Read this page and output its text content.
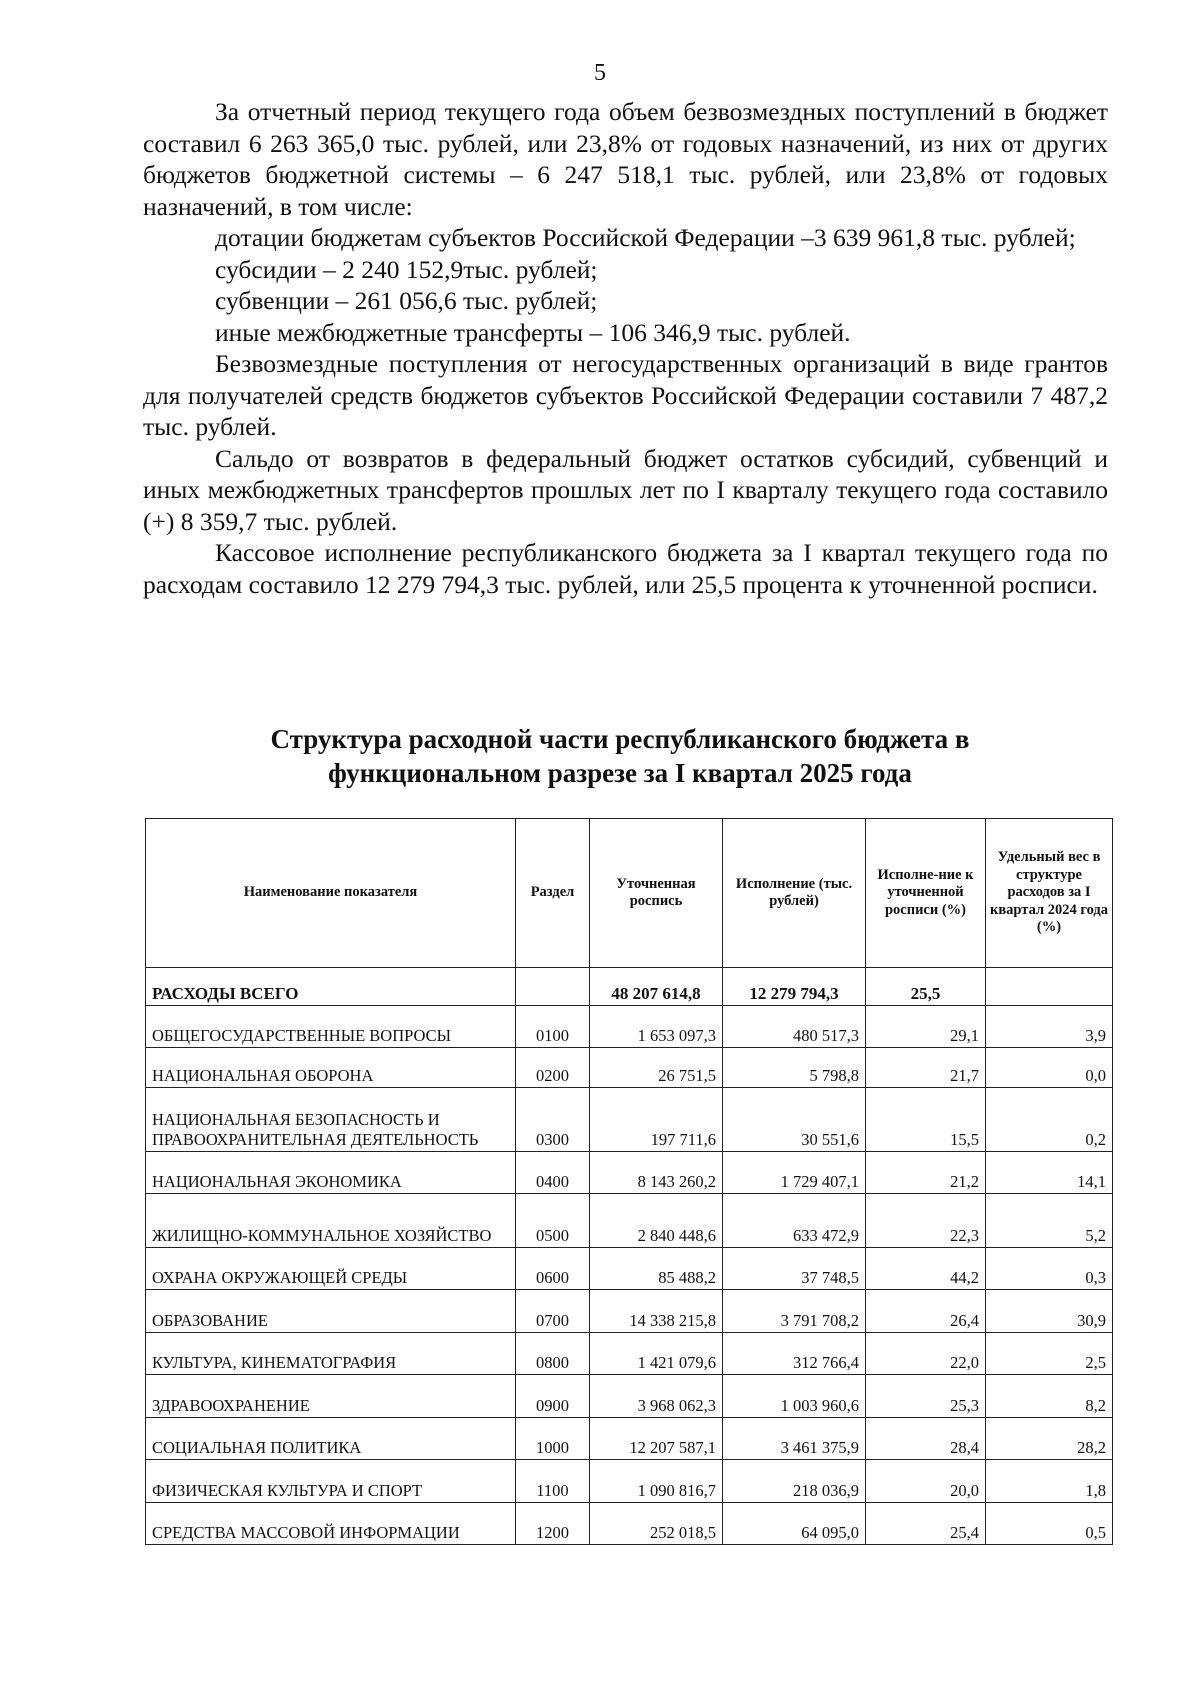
5

За отчетный период текущего года объем безвозмездных поступлений в бюджет составил 6 263 365,0 тыс. рублей, или 23,8% от годовых назначений, из них от других бюджетов бюджетной системы – 6 247 518,1 тыс. рублей, или 23,8% от годовых назначений, в том числе:

дотации бюджетам субъектов Российской Федерации –3 639 961,8 тыс. рублей;

субсидии – 2 240 152,9тыс. рублей;

субвенции – 261 056,6 тыс. рублей;

иные межбюджетные трансферты – 106 346,9 тыс. рублей.

Безвозмездные поступления от негосударственных организаций в виде грантов для получателей средств бюджетов субъектов Российской Федерации составили 7 487,2 тыс. рублей.

Сальдо от возвратов в федеральный бюджет остатков субсидий, субвенций и иных межбюджетных трансфертов прошлых лет по I кварталу текущего года составило (+) 8 359,7 тыс. рублей.

Кассовое исполнение республиканского бюджета за I квартал текущего года по расходам составило 12 279 794,3 тыс. рублей, или 25,5 процента к уточненной росписи.

Структура расходной части республиканского бюджета в
функциональном разрезе за I квартал 2025 года
Наименование показателя	Раздел	Уточненная роспись	Исполнение (тыс. рублей)	Исполне-ние к уточненной росписи (%)	Удельный вес в структуре расходов за I квартал 2024 года (%)
РАСХОДЫ ВСЕГО		48 207 614,8	12 279 794,3	25,5	
ОБЩЕГОСУДАРСТВЕННЫЕ ВОПРОСЫ	0100	1 653 097,3	480 517,3	29,1	3,9
НАЦИОНАЛЬНАЯ ОБОРОНА	0200	26 751,5	5 798,8	21,7	0,0
НАЦИОНАЛЬНАЯ БЕЗОПАСНОСТЬ И ПРАВООХРАНИТЕЛЬНАЯ ДЕЯТЕЛЬНОСТЬ	0300	197 711,6	30 551,6	15,5	0,2
НАЦИОНАЛЬНАЯ ЭКОНОМИКА	0400	8 143 260,2	1 729 407,1	21,2	14,1
ЖИЛИЩНО-КОММУНАЛЬНОЕ ХОЗЯЙСТВО	0500	2 840 448,6	633 472,9	22,3	5,2
ОХРАНА ОКРУЖАЮЩЕЙ СРЕДЫ	0600	85 488,2	37 748,5	44,2	0,3
ОБРАЗОВАНИЕ	0700	14 338 215,8	3 791 708,2	26,4	30,9
КУЛЬТУРА, КИНЕМАТОГРАФИЯ	0800	1 421 079,6	312 766,4	22,0	2,5
ЗДРАВООХРАНЕНИЕ	0900	3 968 062,3	1 003 960,6	25,3	8,2
СОЦИАЛЬНАЯ ПОЛИТИКА	1000	12 207 587,1	3 461 375,9	28,4	28,2
ФИЗИЧЕСКАЯ КУЛЬТУРА И СПОРТ	1100	1 090 816,7	218 036,9	20,0	1,8
СРЕДСТВА МАССОВОЙ ИНФОРМАЦИИ	1200	252 018,5	64 095,0	25,4	0,5
